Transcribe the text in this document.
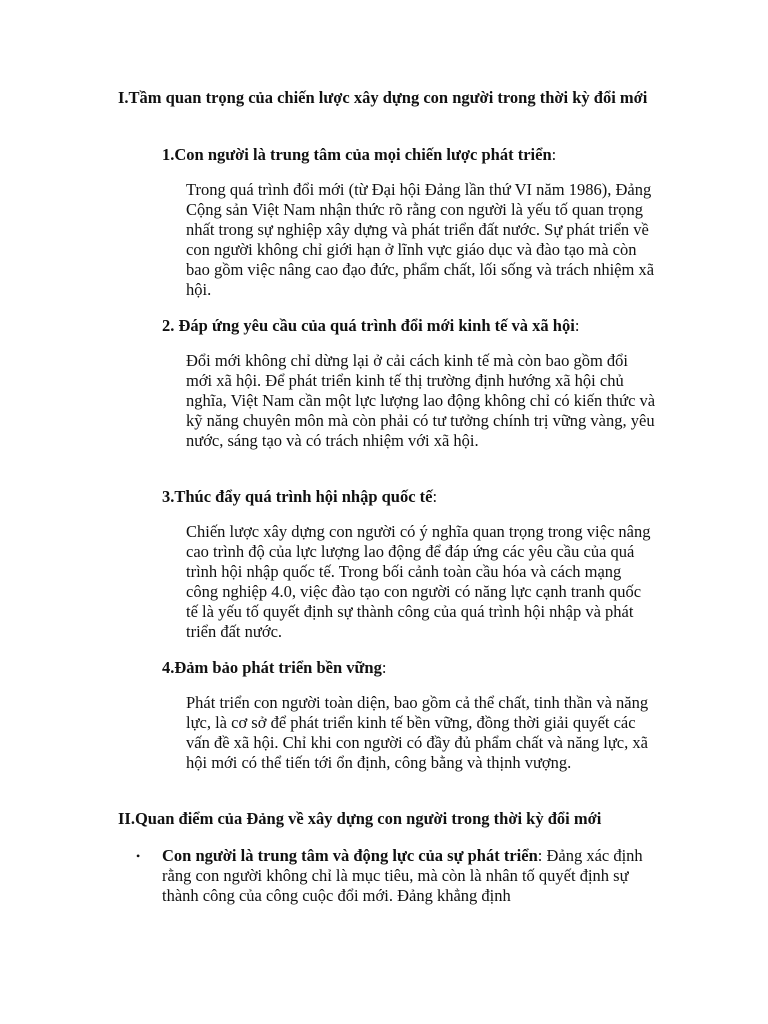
I.Tầm quan trọng của chiến lược xây dựng con người trong thời kỳ đổi mới

1.Con người là trung tâm của mọi chiến lược phát triển:

Trong quá trình đổi mới (từ Đại hội Đảng lần thứ VI năm 1986), Đảng Cộng sản Việt Nam nhận thức rõ rằng con người là yếu tố quan trọng nhất trong sự nghiệp xây dựng và phát triển đất nước. Sự phát triển về con người không chỉ giới hạn ở lĩnh vực giáo dục và đào tạo mà còn bao gồm việc nâng cao đạo đức, phẩm chất, lối sống và trách nhiệm xã hội.

2. Đáp ứng yêu cầu của quá trình đổi mới kinh tế và xã hội:

Đổi mới không chỉ dừng lại ở cải cách kinh tế mà còn bao gồm đổi mới xã hội. Để phát triển kinh tế thị trường định hướng xã hội chủ nghĩa, Việt Nam cần một lực lượng lao động không chỉ có kiến thức và kỹ năng chuyên môn mà còn phải có tư tưởng chính trị vững vàng, yêu nước, sáng tạo và có trách nhiệm với xã hội.

3.Thúc đẩy quá trình hội nhập quốc tế:

Chiến lược xây dựng con người có ý nghĩa quan trọng trong việc nâng cao trình độ của lực lượng lao động để đáp ứng các yêu cầu của quá trình hội nhập quốc tế. Trong bối cảnh toàn cầu hóa và cách mạng công nghiệp 4.0, việc đào tạo con người có năng lực cạnh tranh quốc tế là yếu tố quyết định sự thành công của quá trình hội nhập và phát triển đất nước.

4.Đảm bảo phát triển bền vững:

Phát triển con người toàn diện, bao gồm cả thể chất, tinh thần và năng lực, là cơ sở để phát triển kinh tế bền vững, đồng thời giải quyết các vấn đề xã hội. Chỉ khi con người có đầy đủ phẩm chất và năng lực, xã hội mới có thể tiến tới ổn định, công bằng và thịnh vượng.

II.Quan điểm của Đảng về xây dựng con người trong thời kỳ đổi mới

•	Con người là trung tâm và động lực của sự phát triển: Đảng xác định rằng con người không chỉ là mục tiêu, mà còn là nhân tố quyết định sự thành công của công cuộc đổi mới. Đảng khẳng định
